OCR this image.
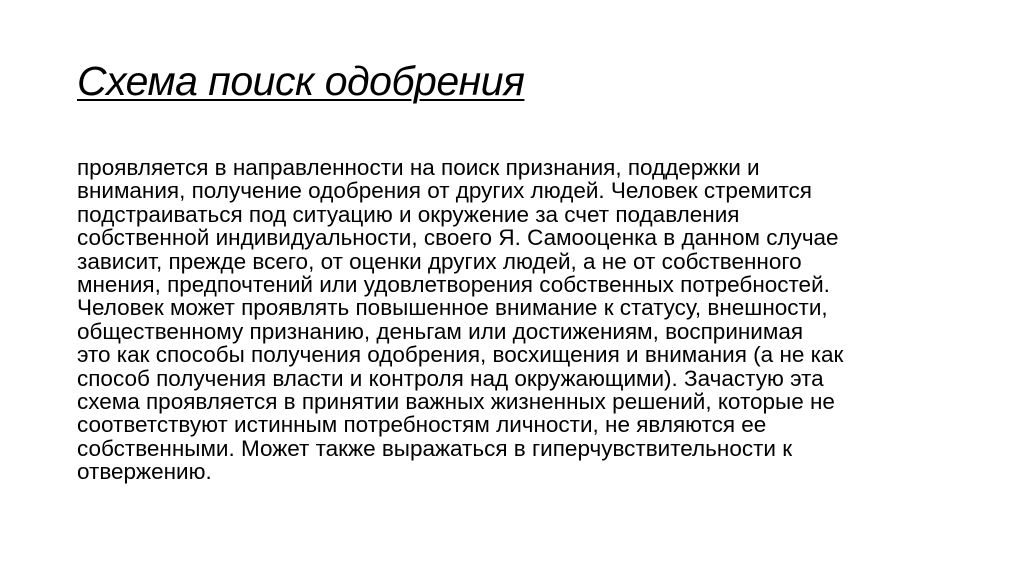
Схема поиск одобрения
проявляется в направленности на поиск признания, поддержки и
внимания, получение одобрения от других людей. Человек стремится
подстраиваться под ситуацию и окружение за счет подавления
собственной индивидуальности, своего Я. Самооценка в данном случае
зависит, прежде всего, от оценки других людей, а не от собственного
мнения, предпочтений или удовлетворения собственных потребностей.
Человек может проявлять повышенное внимание к статусу, внешности,
общественному признанию, деньгам или достижениям, воспринимая
это как способы получения одобрения, восхищения и внимания (а не как
способ получения власти и контроля над окружающими). Зачастую эта
схема проявляется в принятии важных жизненных решений, которые не
соответствуют истинным потребностям личности, не являются ее
собственными. Может также выражаться в гиперчувствительности к
отвержению.
